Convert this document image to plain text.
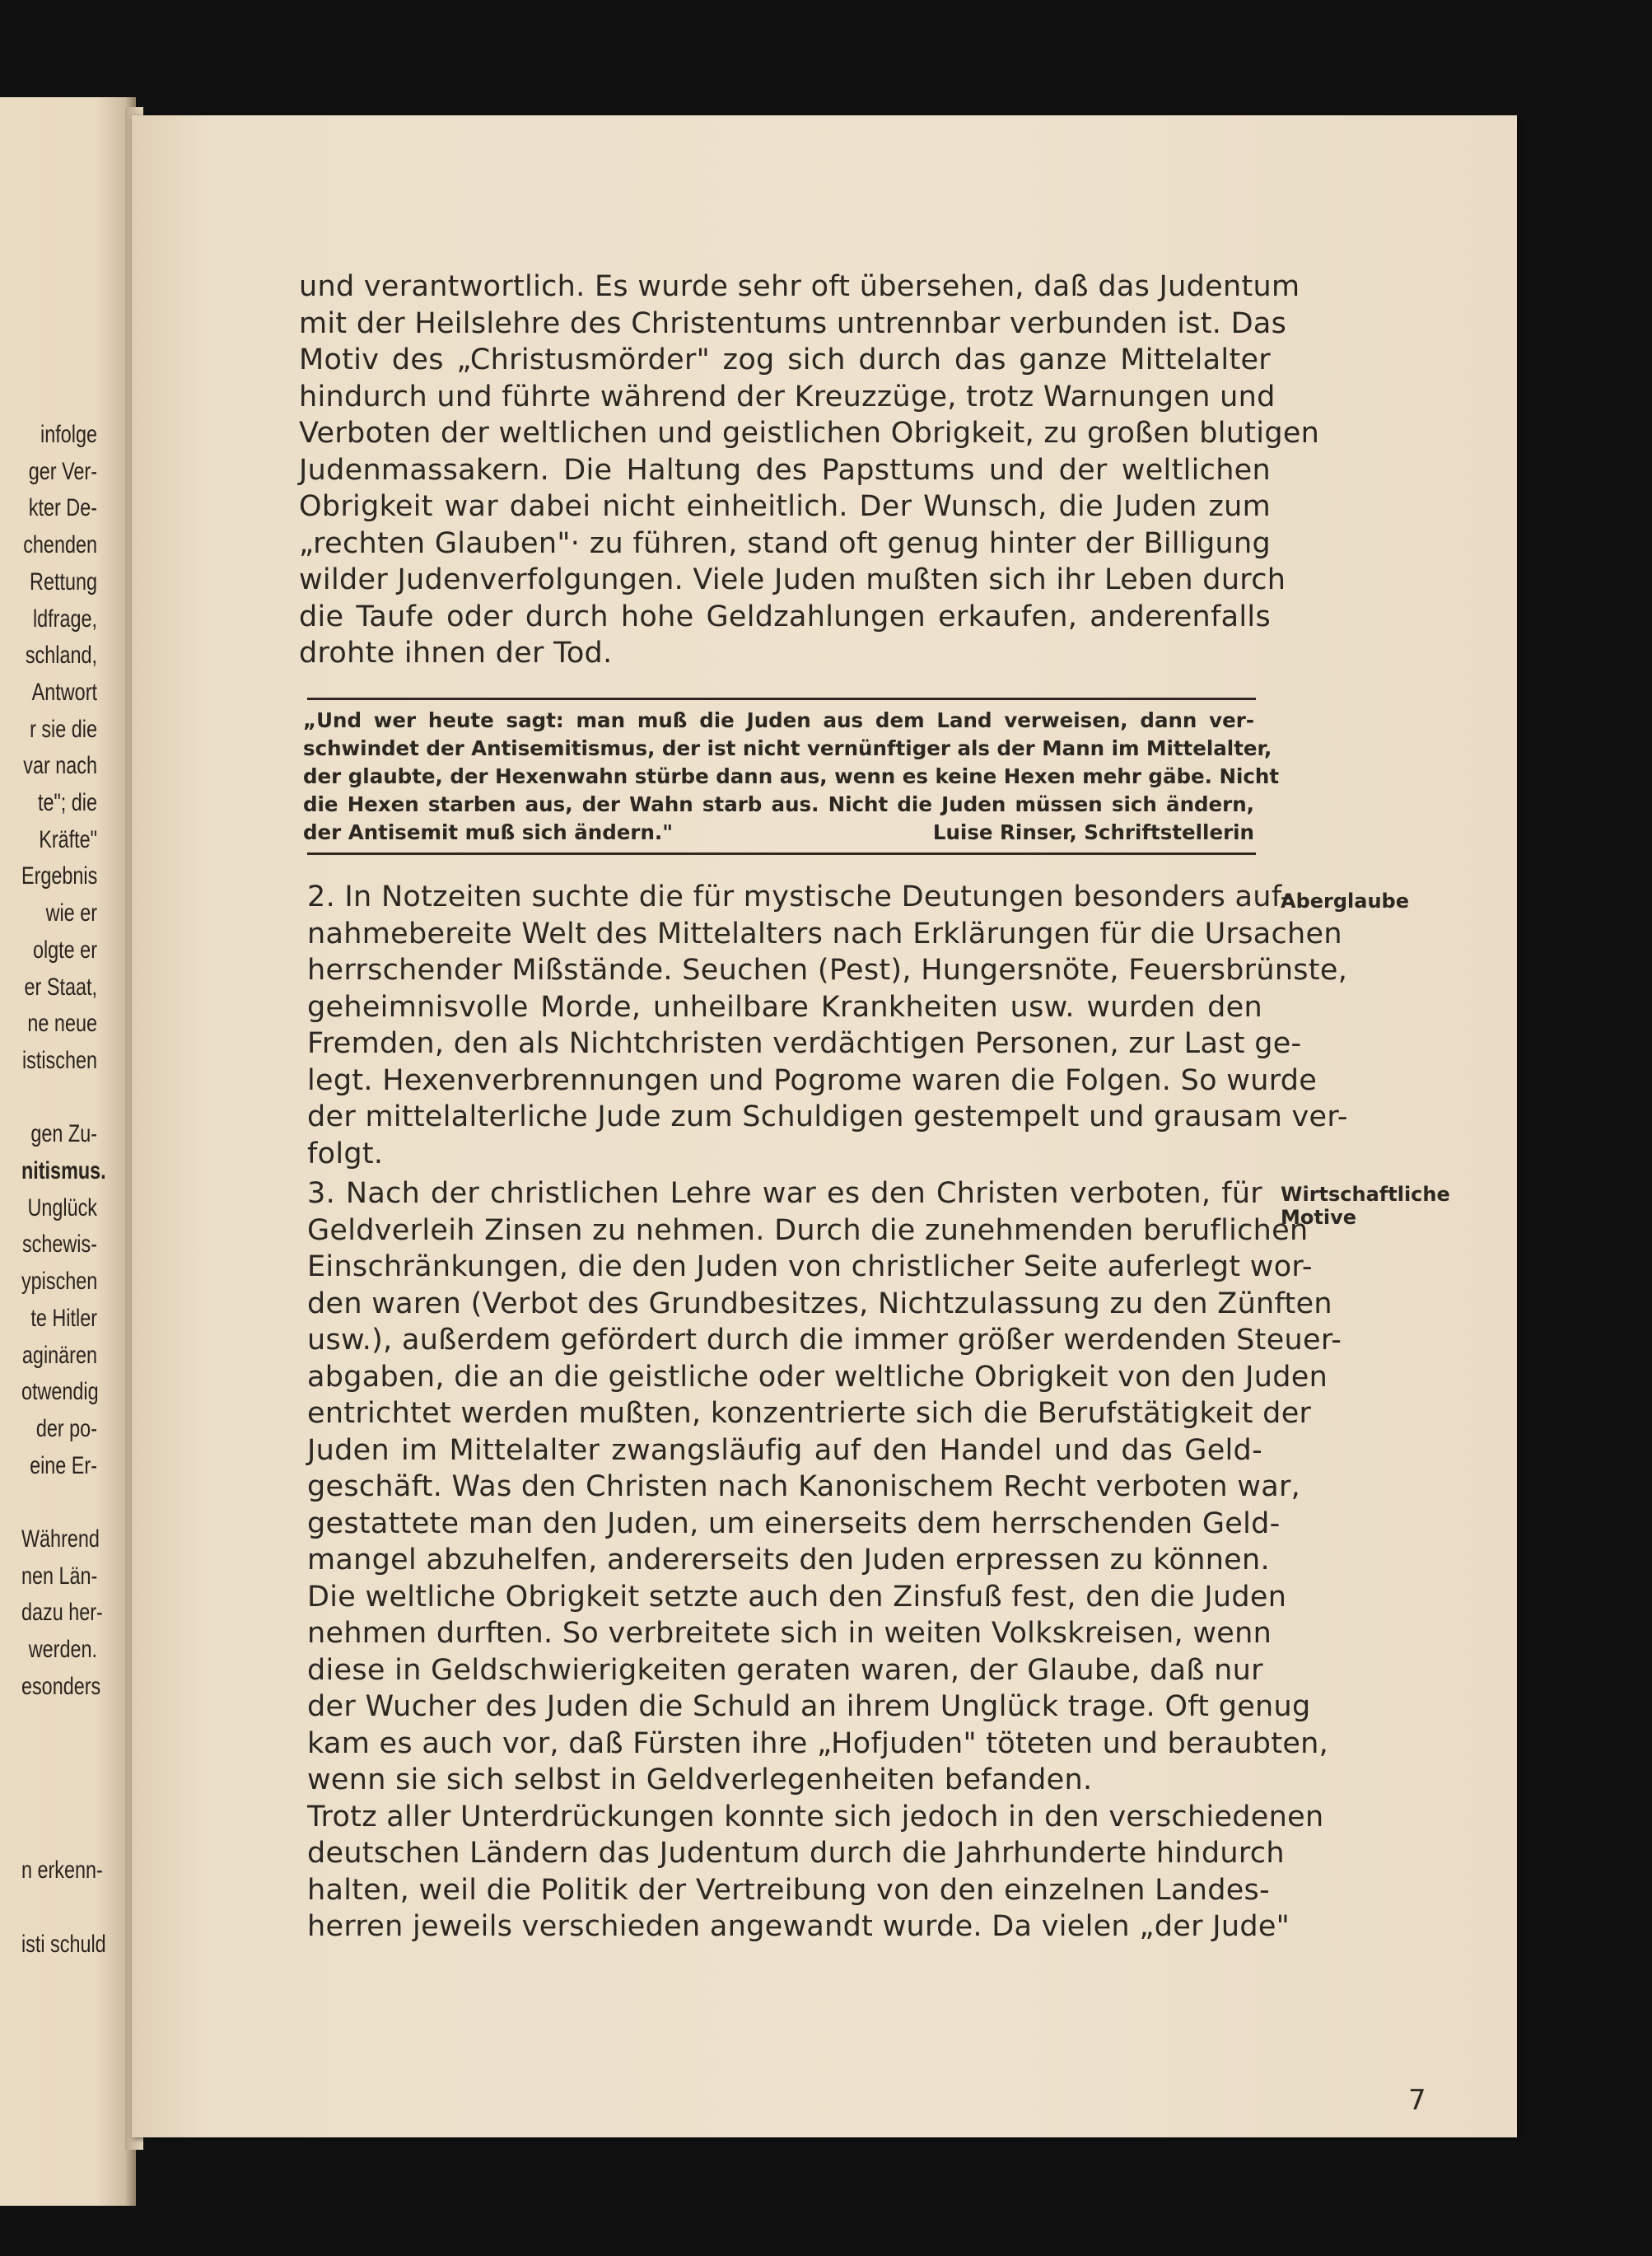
infolge
ger Ver-
kter De-
chenden
Rettung
ldfrage,
schland,
Antwort
r sie die
var nach
te"; die
Kräfte"
Ergebnis
wie er
olgte er
er Staat,
ne neue
istischen
gen Zu-
nitismus.
Unglück
schewis-
ypischen
te Hitler
aginären
otwendig
der po-
eine Er-
Während
nen Län-
dazu her-
werden.
esonders
n erkenn-
isti schuld
und verantwortlich. Es wurde sehr oft übersehen, daß das Judentum
mit der Heilslehre des Christentums untrennbar verbunden ist. Das
Motiv des „Christusmörder" zog sich durch das ganze Mittelalter
hindurch und führte während der Kreuzzüge, trotz Warnungen und
Verboten der weltlichen und geistlichen Obrigkeit, zu großen blutigen
Judenmassakern. Die Haltung des Papsttums und der weltlichen
Obrigkeit war dabei nicht einheitlich. Der Wunsch, die Juden zum
„rechten Glauben"· zu führen, stand oft genug hinter der Billigung
wilder Judenverfolgungen. Viele Juden mußten sich ihr Leben durch
die Taufe oder durch hohe Geldzahlungen erkaufen, anderenfalls
drohte ihnen der Tod.
„Und wer heute sagt: man muß die Juden aus dem Land verweisen, dann ver-
schwindet der Antisemitismus, der ist nicht vernünftiger als der Mann im Mittelalter,
der glaubte, der Hexenwahn stürbe dann aus, wenn es keine Hexen mehr gäbe. Nicht
die Hexen starben aus, der Wahn starb aus. Nicht die Juden müssen sich ändern,
der Antisemit muß sich ändern."	Luise Rinser, Schriftstellerin
2. In Notzeiten suchte die für mystische Deutungen besonders auf-
nahmebereite Welt des Mittelalters nach Erklärungen für die Ursachen
herrschender Mißstände. Seuchen (Pest), Hungersnöte, Feuersbrünste,
geheimnisvolle Morde, unheilbare Krankheiten usw. wurden den
Fremden, den als Nichtchristen verdächtigen Personen, zur Last ge-
legt. Hexenverbrennungen und Pogrome waren die Folgen. So wurde
der mittelalterliche Jude zum Schuldigen gestempelt und grausam ver-
folgt.
3. Nach der christlichen Lehre war es den Christen verboten, für
Geldverleih Zinsen zu nehmen. Durch die zunehmenden beruflichen
Einschränkungen, die den Juden von christlicher Seite auferlegt wor-
den waren (Verbot des Grundbesitzes, Nichtzulassung zu den Zünften
usw.), außerdem gefördert durch die immer größer werdenden Steuer-
abgaben, die an die geistliche oder weltliche Obrigkeit von den Juden
entrichtet werden mußten, konzentrierte sich die Berufstätigkeit der
Juden im Mittelalter zwangsläufig auf den Handel und das Geld-
geschäft. Was den Christen nach Kanonischem Recht verboten war,
gestattete man den Juden, um einerseits dem herrschenden Geld-
mangel abzuhelfen, andererseits den Juden erpressen zu können.
Die weltliche Obrigkeit setzte auch den Zinsfuß fest, den die Juden
nehmen durften. So verbreitete sich in weiten Volkskreisen, wenn
diese in Geldschwierigkeiten geraten waren, der Glaube, daß nur
der Wucher des Juden die Schuld an ihrem Unglück trage. Oft genug
kam es auch vor, daß Fürsten ihre „Hofjuden" töteten und beraubten,
wenn sie sich selbst in Geldverlegenheiten befanden.
Trotz aller Unterdrückungen konnte sich jedoch in den verschiedenen
deutschen Ländern das Judentum durch die Jahrhunderte hindurch
halten, weil die Politik der Vertreibung von den einzelnen Landes-
herren jeweils verschieden angewandt wurde. Da vielen „der Jude"
Aberglaube
Wirtschaftliche
Motive
7
